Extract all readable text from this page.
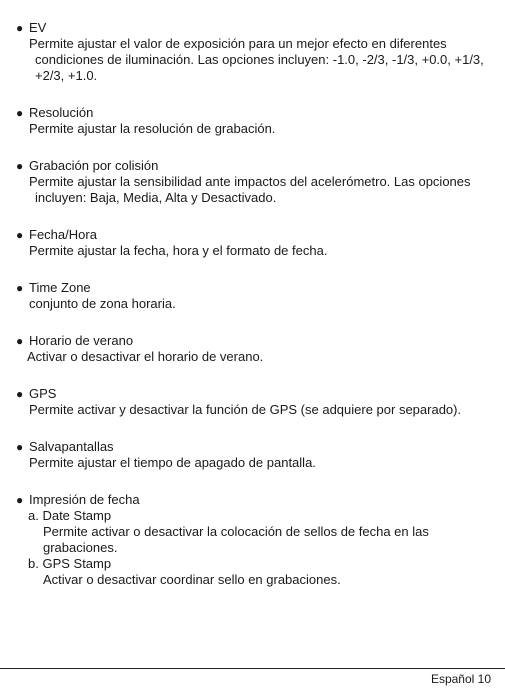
● EV
Permite ajustar el valor de exposición para un mejor efecto en diferentes condiciones de iluminación. Las opciones incluyen: -1.0, -2/3, -1/3, +0.0, +1/3, +2/3, +1.0.
● Resolución
Permite ajustar la resolución de grabación.
● Grabación por colisión
Permite ajustar la sensibilidad ante impactos del acelerómetro. Las opciones incluyen: Baja, Media, Alta y Desactivado.
● Fecha/Hora
Permite ajustar la fecha, hora y el formato de fecha.
● Time Zone
conjunto de zona horaria.
● Horario de verano
Activar o desactivar el horario de verano.
● GPS
Permite activar y desactivar la función de GPS (se adquiere por separado).
● Salvapantallas
Permite ajustar el tiempo de apagado de pantalla.
● Impresión de fecha
a. Date Stamp
Permite activar o desactivar la colocación de sellos de fecha en las grabaciones.
b. GPS Stamp
Activar o desactivar coordinar sello en grabaciones.
Español 10
